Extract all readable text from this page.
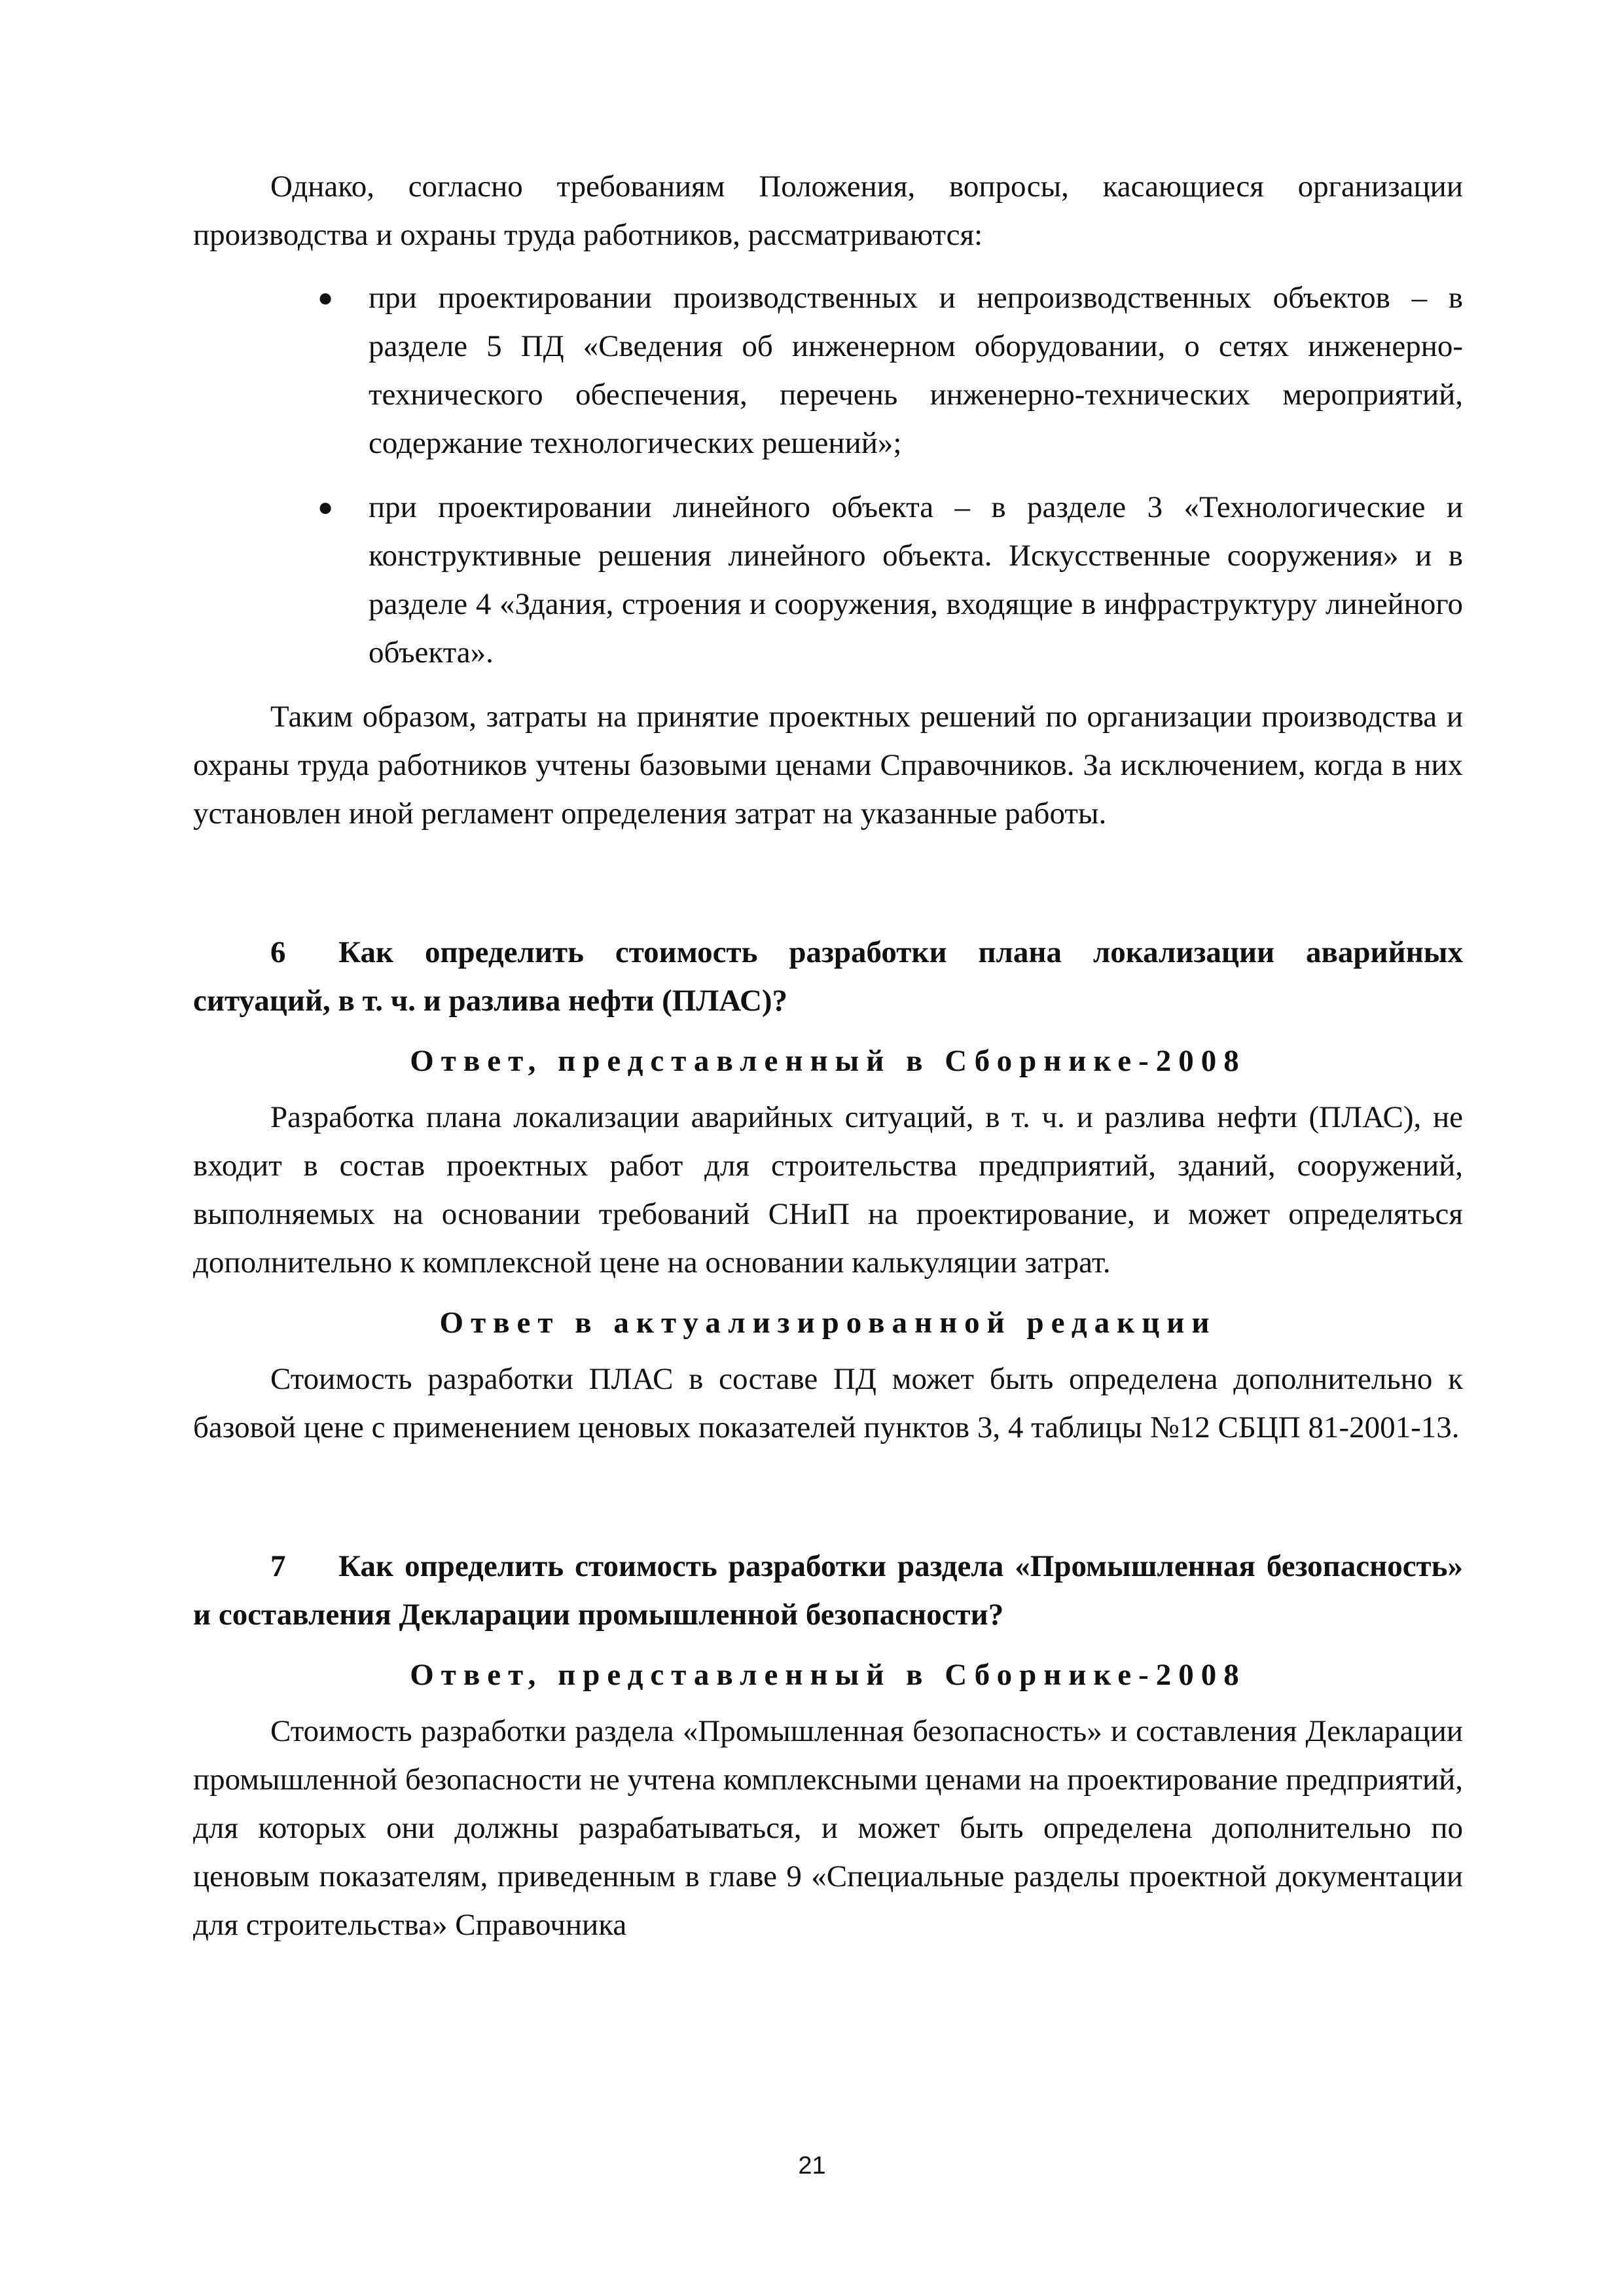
Однако, согласно требованиям Положения, вопросы, касающиеся организации производства и охраны труда работников, рассматриваются:

● при проектировании производственных и непроизводственных объектов – в разделе 5 ПД «Сведения об инженерном оборудовании, о сетях инженерно-технического обеспечения, перечень инженерно-технических мероприятий, содержание технологических решений»;
● при проектировании линейного объекта – в разделе 3 «Технологические и конструктивные решения линейного объекта. Искусственные сооружения» и в разделе 4 «Здания, строения и сооружения, входящие в инфраструктуру линейного объекта».

Таким образом, затраты на принятие проектных решений по организации производства и охраны труда работников учтены базовыми ценами Справочников. За исключением, когда в них установлен иной регламент определения затрат на указанные работы.

6 Как определить стоимость разработки плана локализации аварийных ситуаций, в т. ч. и разлива нефти (ПЛАС)?
Ответ, представленный в Сборнике-2008

Разработка плана локализации аварийных ситуаций, в т. ч. и разлива нефти (ПЛАС), не входит в состав проектных работ для строительства предприятий, зданий, сооружений, выполняемых на основании требований СНиП на проектирование, и может определяться дополнительно к комплексной цене на основании калькуляции затрат.

Ответ в актуализированной редакции

Стоимость разработки ПЛАС в составе ПД может быть определена дополнительно к базовой цене с применением ценовых показателей пунктов 3, 4 таблицы №12 СБЦП 81-2001-13.

7 Как определить стоимость разработки раздела «Промышленная безопасность» и составления Декларации промышленной безопасности?
Ответ, представленный в Сборнике-2008

Стоимость разработки раздела «Промышленная безопасность» и составления Декларации промышленной безопасности не учтена комплексными ценами на проектирование предприятий, для которых они должны разрабатываться, и может быть определена дополнительно по ценовым показателям, приведенным в главе 9 «Специальные разделы проектной документации для строительства» Справочника

21
